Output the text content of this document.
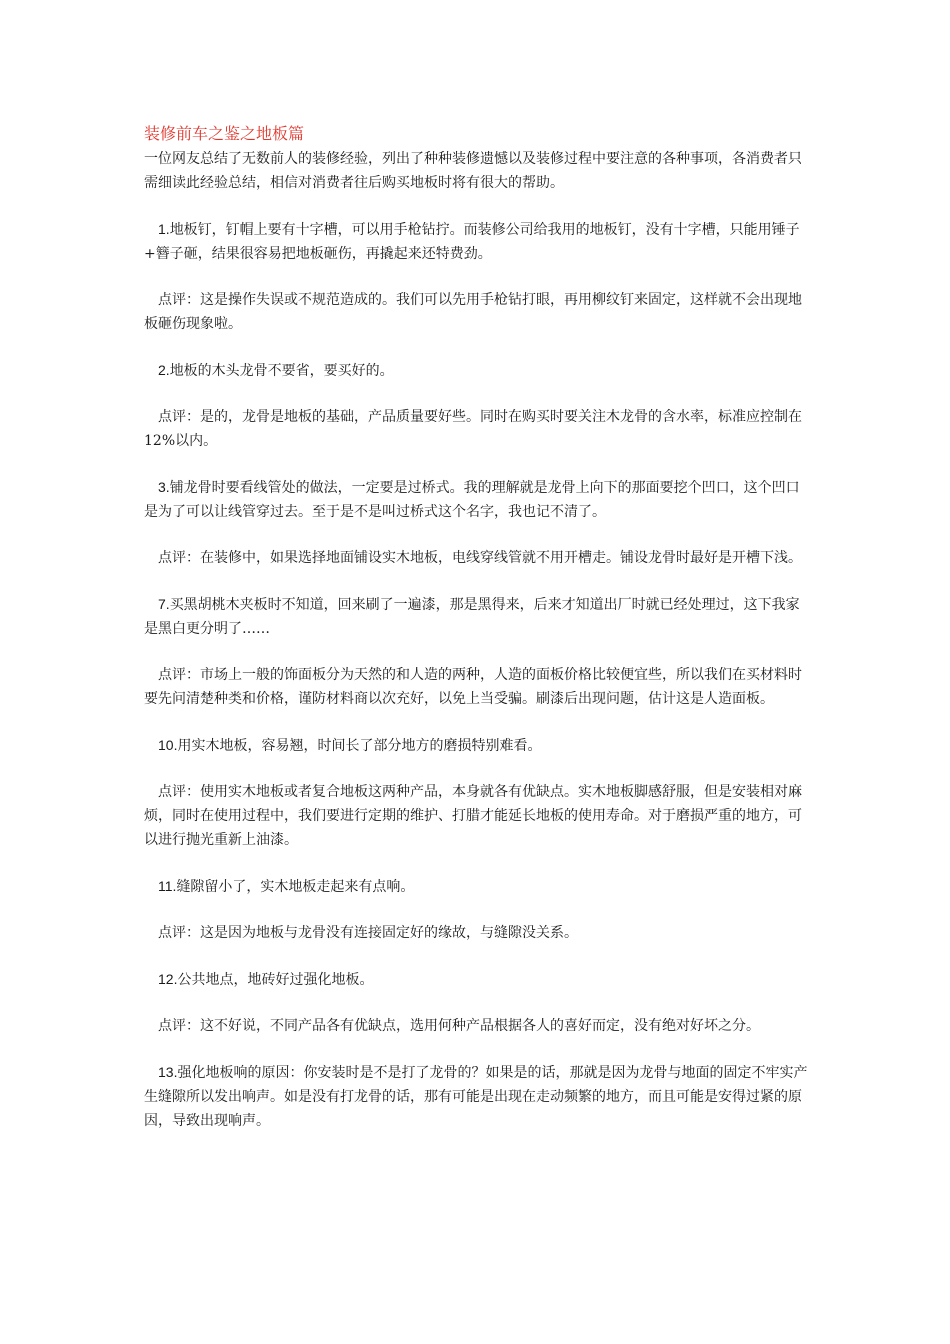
装修前车之鉴之地板篇

一位网友总结了无数前人的装修经验，列出了种种装修遗憾以及装修过程中要注意的各种事项，各消费者只需细读此经验总结，相信对消费者往后购买地板时将有很大的帮助。

1.地板钉，钉帽上要有十字槽，可以用手枪钻拧。而装修公司给我用的地板钉，没有十字槽，只能用锤子+簪子砸，结果很容易把地板砸伤，再撬起来还特费劲。

点评：这是操作失误或不规范造成的。我们可以先用手枪钻打眼，再用柳纹钉来固定，这样就不会出现地板砸伤现象啦。

2.地板的木头龙骨不要省，要买好的。

点评：是的，龙骨是地板的基础，产品质量要好些。同时在购买时要关注木龙骨的含水率，标准应控制在12%以内。

3.铺龙骨时要看线管处的做法，一定要是过桥式。我的理解就是龙骨上向下的那面要挖个凹口，这个凹口是为了可以让线管穿过去。至于是不是叫过桥式这个名字，我也记不清了。

点评：在装修中，如果选择地面铺设实木地板，电线穿线管就不用开槽走。铺设龙骨时最好是开槽下浅。

7.买黑胡桃木夹板时不知道，回来刷了一遍漆，那是黑得来，后来才知道出厂时就已经处理过，这下我家是黑白更分明了……

点评：市场上一般的饰面板分为天然的和人造的两种，人造的面板价格比较便宜些，所以我们在买材料时要先问清楚种类和价格，谨防材料商以次充好，以免上当受骗。刷漆后出现问题，估计这是人造面板。

10.用实木地板，容易翘，时间长了部分地方的磨损特别难看。

点评：使用实木地板或者复合地板这两种产品，本身就各有优缺点。实木地板脚感舒服，但是安装相对麻烦，同时在使用过程中，我们要进行定期的维护、打腊才能延长地板的使用寿命。对于磨损严重的地方，可以进行抛光重新上油漆。

11.缝隙留小了，实木地板走起来有点响。

点评：这是因为地板与龙骨没有连接固定好的缘故，与缝隙没关系。

12.公共地点，地砖好过强化地板。

点评：这不好说，不同产品各有优缺点，选用何种产品根据各人的喜好而定，没有绝对好坏之分。

13.强化地板响的原因：你安装时是不是打了龙骨的？如果是的话，那就是因为龙骨与地面的固定不牢实产生缝隙所以发出响声。如是没有打龙骨的话，那有可能是出现在走动频繁的地方，而且可能是安得过紧的原因，导致出现响声。
